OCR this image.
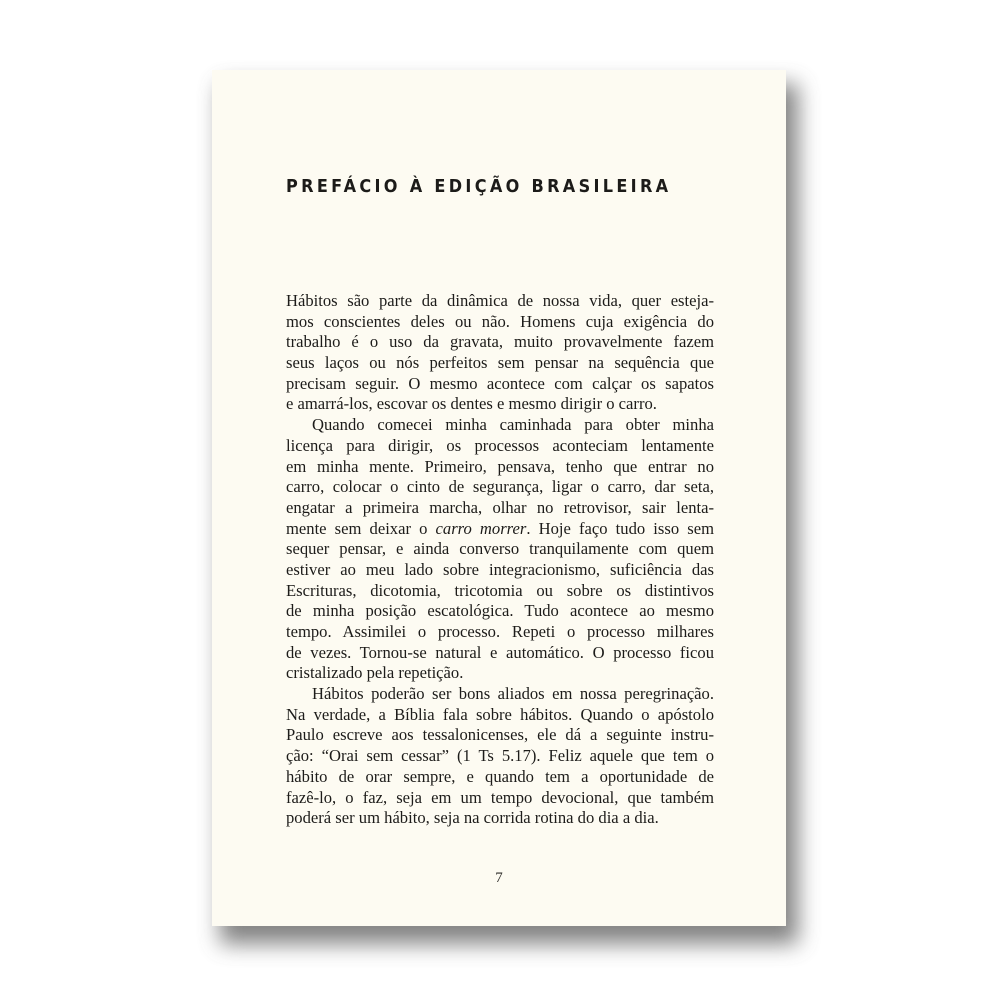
PREFÁCIO À EDIÇÃO BRASILEIRA
Hábitos são parte da dinâmica de nossa vida, quer esteja-
mos conscientes deles ou não. Homens cuja exigência do
trabalho é o uso da gravata, muito provavelmente fazem
seus laços ou nós perfeitos sem pensar na sequência que
precisam seguir. O mesmo acontece com calçar os sapatos
e amarrá-los, escovar os dentes e mesmo dirigir o carro.
Quando comecei minha caminhada para obter minha
licença para dirigir, os processos aconteciam lentamente
em minha mente. Primeiro, pensava, tenho que entrar no
carro, colocar o cinto de segurança, ligar o carro, dar seta,
engatar a primeira marcha, olhar no retrovisor, sair lenta-
mente sem deixar o carro morrer. Hoje faço tudo isso sem
sequer pensar, e ainda converso tranquilamente com quem
estiver ao meu lado sobre integracionismo, suficiência das
Escrituras, dicotomia, tricotomia ou sobre os distintivos
de minha posição escatológica. Tudo acontece ao mesmo
tempo. Assimilei o processo. Repeti o processo milhares
de vezes. Tornou-se natural e automático. O processo ficou
cristalizado pela repetição.
Hábitos poderão ser bons aliados em nossa peregrinação.
Na verdade, a Bíblia fala sobre hábitos. Quando o apóstolo
Paulo escreve aos tessalonicenses, ele dá a seguinte instru-
ção: “Orai sem cessar” (1 Ts 5.17). Feliz aquele que tem o
hábito de orar sempre, e quando tem a oportunidade de
fazê-lo, o faz, seja em um tempo devocional, que também
poderá ser um hábito, seja na corrida rotina do dia a dia.
7
